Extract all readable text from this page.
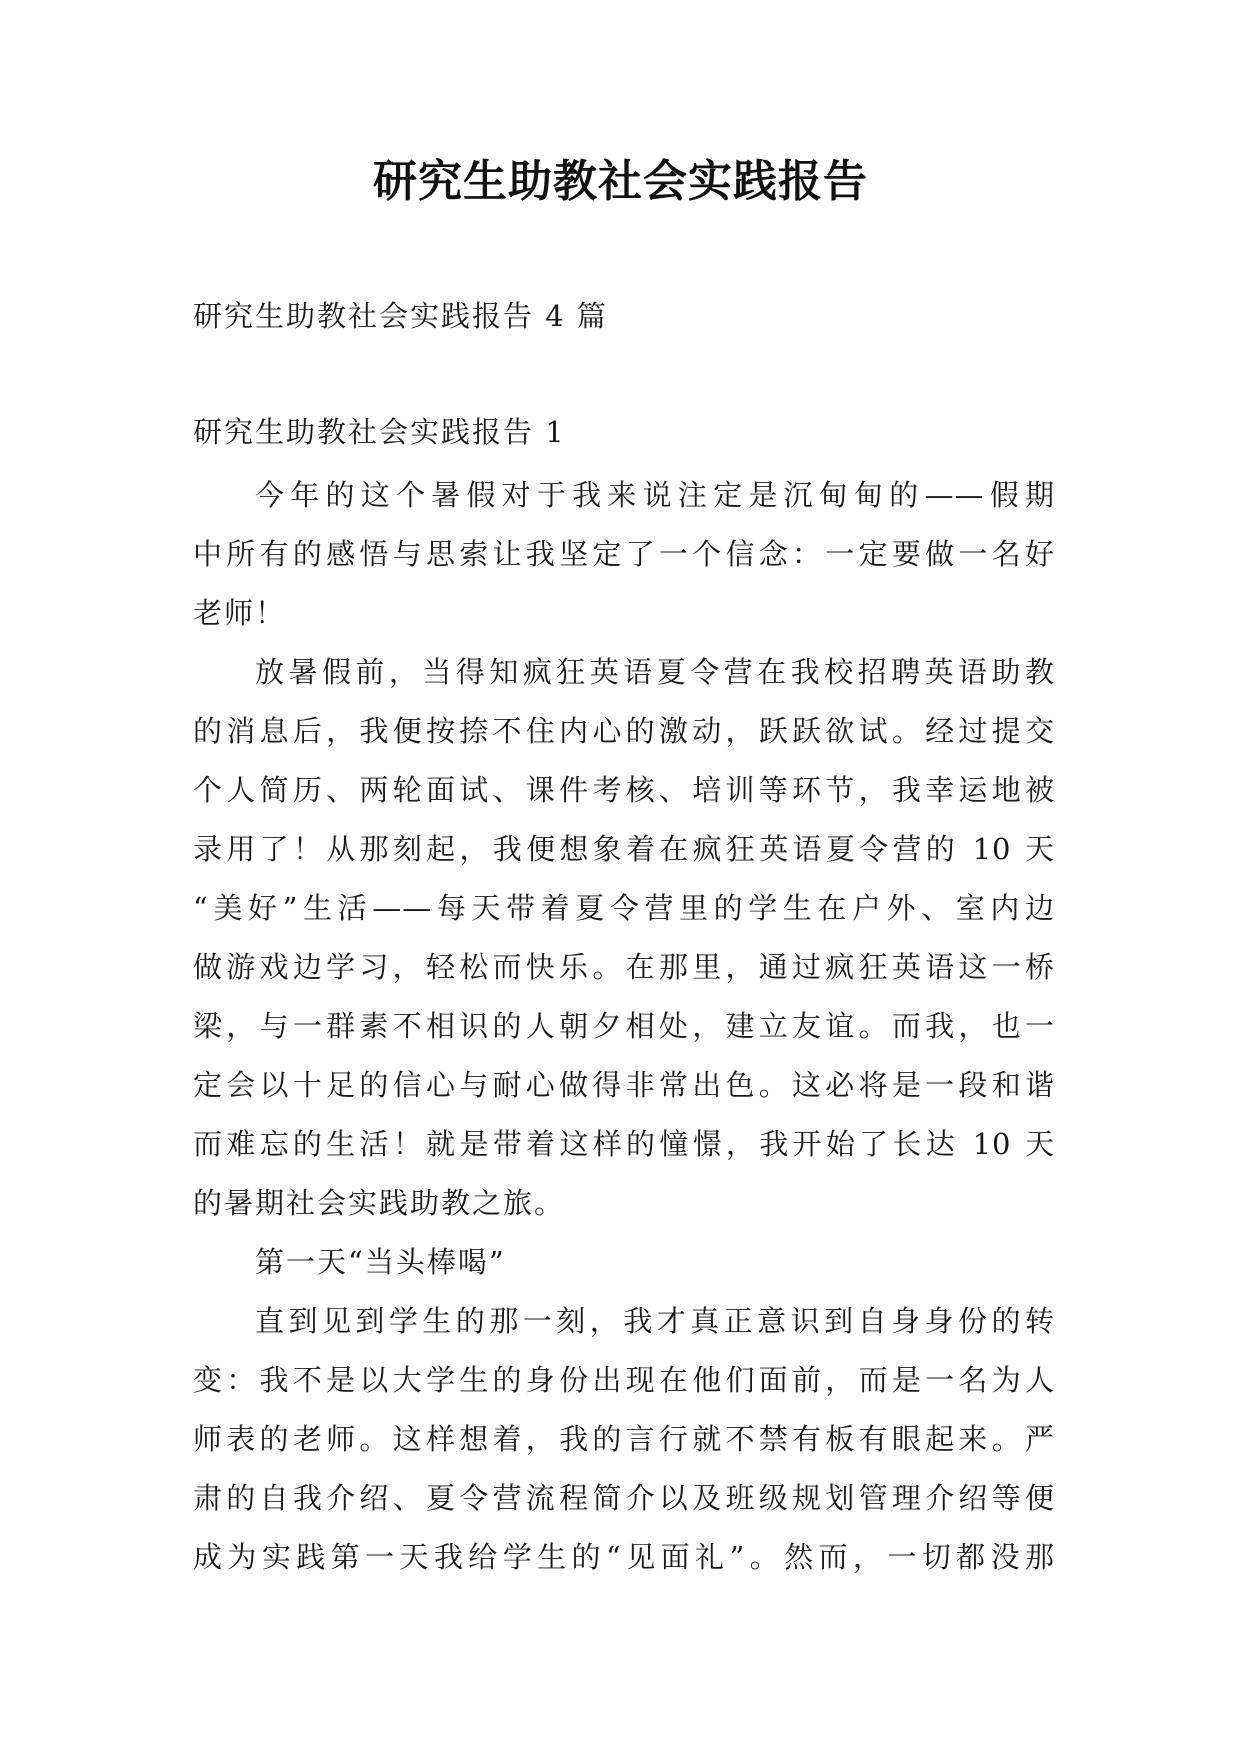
研究生助教社会实践报告
研究生助教社会实践报告 4 篇
研究生助教社会实践报告 1
今年的这个暑假对于我来说注定是沉甸甸的——假期
中所有的感悟与思索让我坚定了一个信念：一定要做一名好
老师！
放暑假前，当得知疯狂英语夏令营在我校招聘英语助教
的消息后，我便按捺不住内心的激动，跃跃欲试。经过提交
个人简历、两轮面试、课件考核、培训等环节，我幸运地被
录用了！从那刻起，我便想象着在疯狂英语夏令营的 10 天
“美好”生活——每天带着夏令营里的学生在户外、室内边
做游戏边学习，轻松而快乐。在那里，通过疯狂英语这一桥
梁，与一群素不相识的人朝夕相处，建立友谊。而我，也一
定会以十足的信心与耐心做得非常出色。这必将是一段和谐
而难忘的生活！就是带着这样的憧憬，我开始了长达 10 天
的暑期社会实践助教之旅。
第一天“当头棒喝”
直到见到学生的那一刻，我才真正意识到自身身份的转
变：我不是以大学生的身份出现在他们面前，而是一名为人
师表的老师。这样想着，我的言行就不禁有板有眼起来。严
肃的自我介绍、夏令营流程简介以及班级规划管理介绍等便
成为实践第一天我给学生的“见面礼”。然而，一切都没那
